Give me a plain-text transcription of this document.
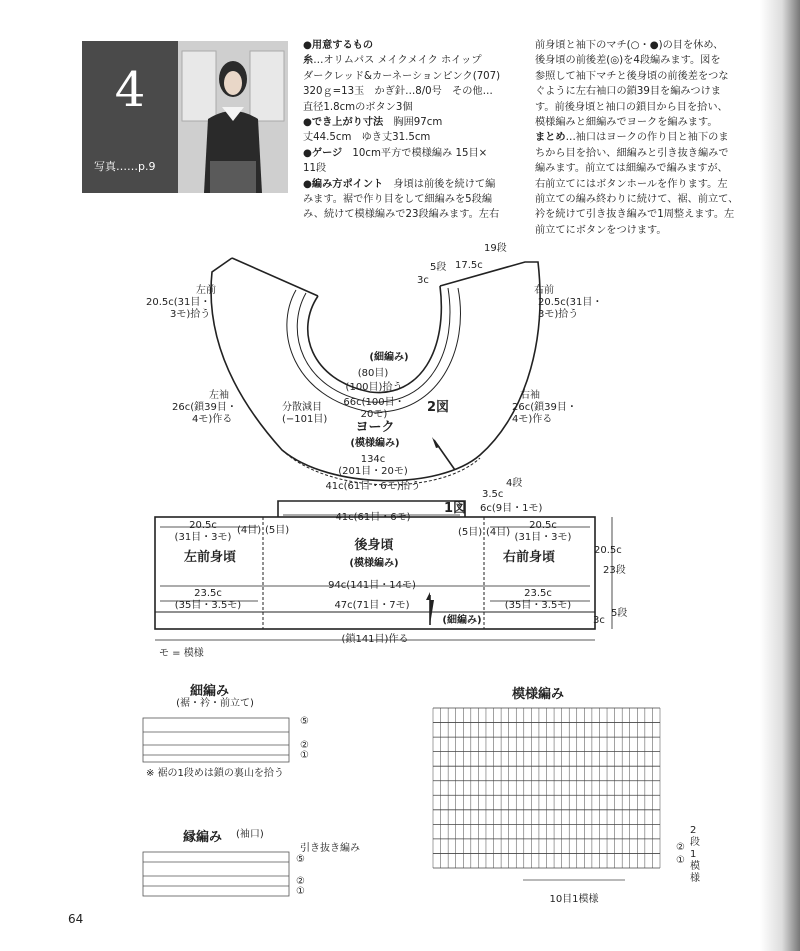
4
写真……p.9

●用意するもの

糸…オリムパス メイクメイク ホイップ

ダークレッド&カーネーションピンク(707)

320ｇ=13玉　かぎ針…8/0号　その他…

直径1.8cmのボタン3個

●でき上がり寸法　胸囲97cm

丈44.5cm　ゆき丈31.5cm

●ゲージ　10cm平方で模様編み 15目×

11段

●編み方ポイント　身頃は前後を続けて編

みます。裾で作り目をして細編みを5段編

み、続けて模様編みで23段編みます。左右

前身頃と袖下のマチ(○・●)の目を休め、

後身頃の前後差(◎)を4段編みます。図を

参照して袖下マチと後身頃の前後差をつな

ぐように左右袖口の鎖39目を編みつけま

す。前後身頃と袖口の鎖目から目を拾い、

模様編みと細編みでヨークを編みます。

まとめ…袖口はヨークの作り目と袖下のま

ちから目を拾い、細編みと引き抜き編みで

編みます。前立ては細編みで編みますが、

右前立てにはボタンホールを作ります。左

前立ての編み終わりに続けて、裾、前立て、

衿を続けて引き抜き編みで1周整えます。左

前立てにボタンをつけます。

左前
20.5c(31目・
3モ)拾う
右前
20.5c(31目・
3モ)拾う
左袖
26c(鎖39目・
4モ)作る
右袖
26c(鎖39目・
4モ)作る
分散減目
(−101目)
(細編み)
(80目)
(100目)拾う
66c(100目・
20モ)
ヨーク
(模様編み)
134c
(201目・20モ)
41c(61目・6モ)拾う
2図
3c
5段 17.5c
19段
1図
3.5c
4段
6c(9目・1モ)
41c(61目・6モ)
20.5c
(31目・3モ)
20.5c
(31目・3モ)
(4目) (5目)	(5目) (4目)
左前身頃
後身頃
(模様編み)	右前身頃
94c(141目・14モ)
23.5c
(35目・3.5モ)	47c(71目・7モ)
23.5c
(35目・3.5モ)
(細編み)
(鎖141目)作る
20.5c
23段
3c
5段
モ = 模様
細編み
(裾・衿・前立て)
⑤
②
①
※ 裾の1段めは鎖の裏山を拾う
縁編み (袖口)
引き抜き編み
⑤
②
①
模様編み
②
①
2段1模様
10目1模様
64
